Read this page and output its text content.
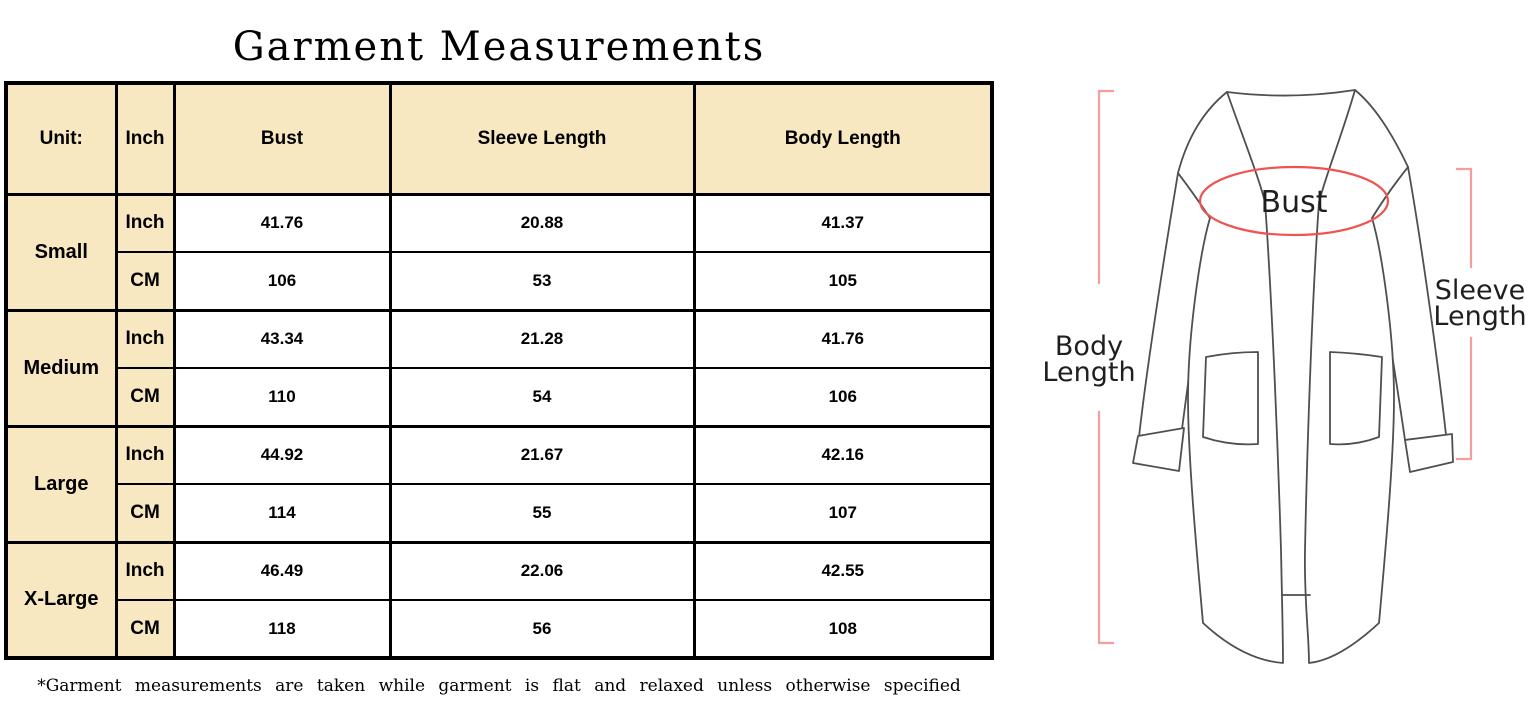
Garment Measurements
Unit:	Inch	Bust	Sleeve Length	Body Length
Small	Inch	41.76	20.88	41.37
	CM	106	53	105
Medium	Inch	43.34	21.28	41.76
	CM	110	54	106
Large	Inch	44.92	21.67	42.16
	CM	114	55	107
X-Large	Inch	46.49	22.06	42.55
	CM	118	56	108
*Garment measurements are taken while garment is flat and relaxed unless otherwise specified
Bust
Body
Length
Sleeve
Length
